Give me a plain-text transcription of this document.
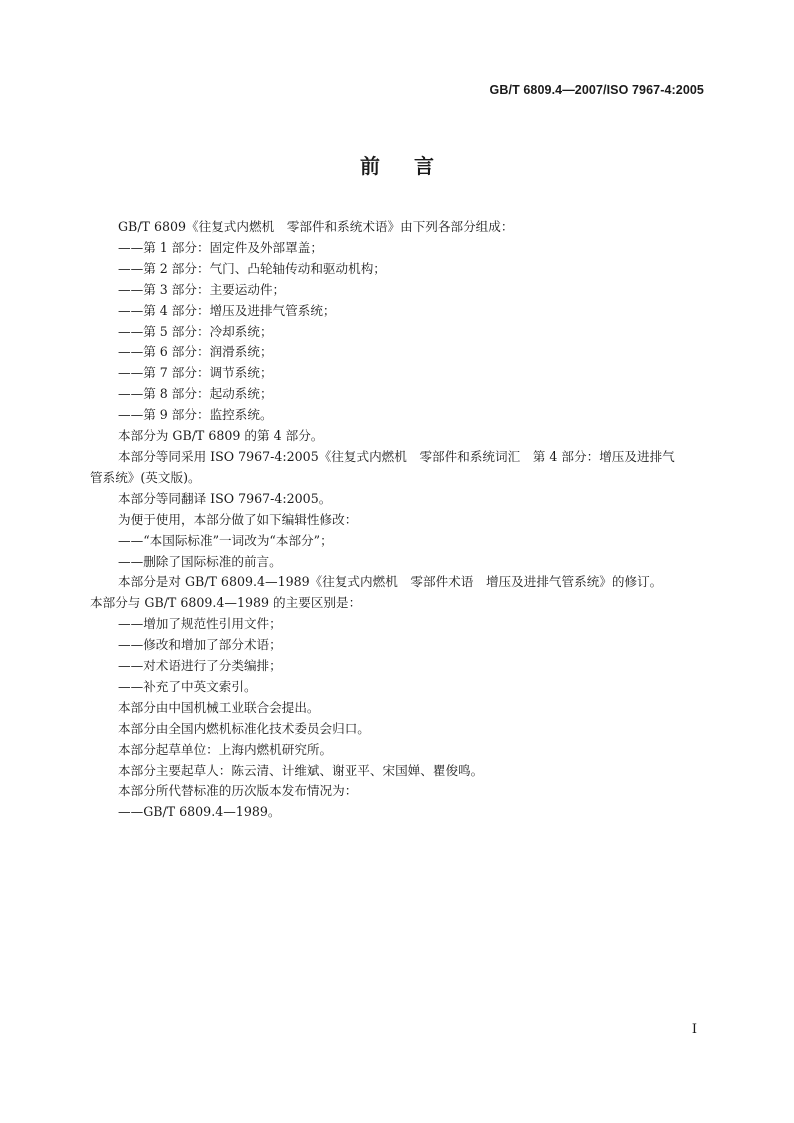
GB/T 6809.4—2007/ISO 7967-4:2005
前言

GB/T 6809《往复式内燃机　零部件和系统术语》由下列各部分组成：

——第 1 部分：固定件及外部罩盖；

——第 2 部分：气门、凸轮轴传动和驱动机构；

——第 3 部分：主要运动件；

——第 4 部分：增压及进排气管系统；

——第 5 部分：冷却系统；

——第 6 部分：润滑系统；

——第 7 部分：调节系统；

——第 8 部分：起动系统；

——第 9 部分：监控系统。

本部分为 GB/T 6809 的第 4 部分。

本部分等同采用 ISO 7967-4:2005《往复式内燃机　零部件和系统词汇　第 4 部分：增压及进排气

管系统》(英文版)。

本部分等同翻译 ISO 7967-4:2005。

为便于使用，本部分做了如下编辑性修改：

——“本国际标准”一词改为“本部分”；

——删除了国际标准的前言。

本部分是对 GB/T 6809.4—1989《往复式内燃机　零部件术语　增压及进排气管系统》的修订。

本部分与 GB/T 6809.4—1989 的主要区别是：

——增加了规范性引用文件；

——修改和增加了部分术语；

——对术语进行了分类编排；

——补充了中英文索引。

本部分由中国机械工业联合会提出。

本部分由全国内燃机标准化技术委员会归口。

本部分起草单位：上海内燃机研究所。

本部分主要起草人：陈云清、计维斌、谢亚平、宋国婵、瞿俊鸣。

本部分所代替标准的历次版本发布情况为：

——GB/T 6809.4—1989。

I
